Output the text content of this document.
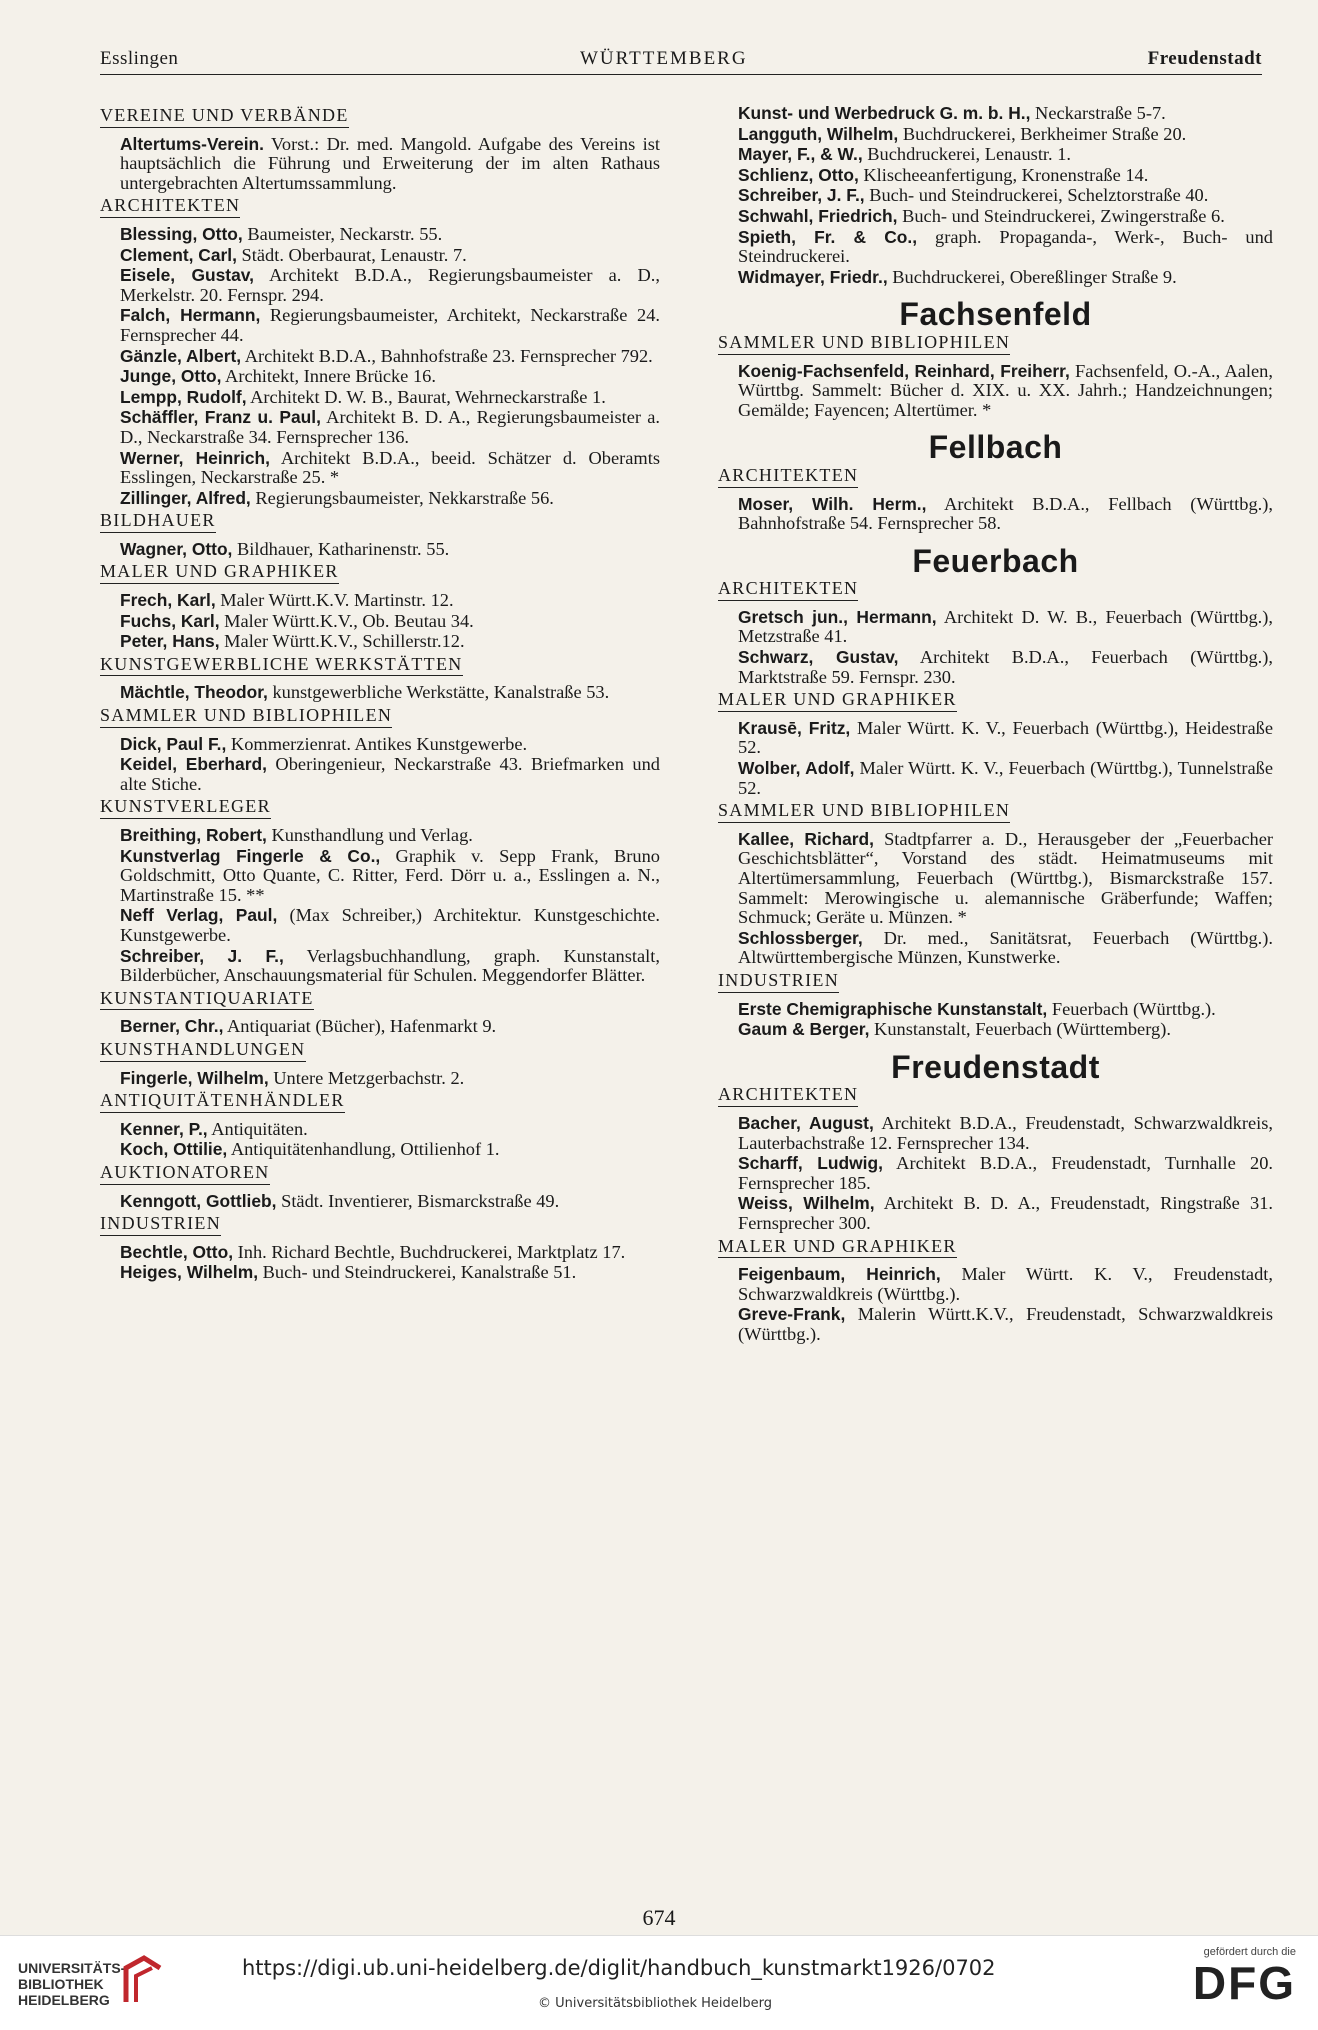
Esslingen	WÜRTTEMBERG	Freudenstadt
VEREINE UND VERBÄNDE
Altertums-Verein. Vorst.: Dr. med. Mangold. Aufgabe des Vereins ist hauptsächlich die Führung und Erweiterung der im alten Rathaus untergebrachten Altertumssammlung.
ARCHITEKTEN
Blessing, Otto, Baumeister, Neckarstr. 55.
Clement, Carl, Städt. Oberbaurat, Lenaustr. 7.
Eisele, Gustav, Architekt B.D.A., Regierungsbaumeister a. D., Merkelstr. 20. Fernspr. 294.
Falch, Hermann, Regierungsbaumeister, Architekt, Neckarstraße 24. Fernsprecher 44.
Gänzle, Albert, Architekt B.D.A., Bahnhofstraße 23. Fernsprecher 792.
Junge, Otto, Architekt, Innere Brücke 16.
Lempp, Rudolf, Architekt D. W. B., Baurat, Wehrneckarstraße 1.
Schäffler, Franz u. Paul, Architekt B. D. A., Regierungsbaumeister a. D., Neckarstraße 34. Fernsprecher 136.
Werner, Heinrich, Architekt B.D.A., beeid. Schätzer d. Oberamts Esslingen, Neckarstraße 25. *
Zillinger, Alfred, Regierungsbaumeister, Nekkarstraße 56.
BILDHAUER
Wagner, Otto, Bildhauer, Katharinenstr. 55.
MALER UND GRAPHIKER
Frech, Karl, Maler Württ.K.V. Martinstr. 12.
Fuchs, Karl, Maler Württ.K.V., Ob. Beutau 34.
Peter, Hans, Maler Württ.K.V., Schillerstr.12.
KUNSTGEWERBLICHE WERKSTÄTTEN
Mächtle, Theodor, kunstgewerbliche Werkstätte, Kanalstraße 53.
SAMMLER UND BIBLIOPHILEN
Dick, Paul F., Kommerzienrat. Antikes Kunstgewerbe.
Keidel, Eberhard, Oberingenieur, Neckarstraße 43. Briefmarken und alte Stiche.
KUNSTVERLEGER
Breithing, Robert, Kunsthandlung und Verlag.
Kunstverlag Fingerle & Co., Graphik v. Sepp Frank, Bruno Goldschmitt, Otto Quante, C. Ritter, Ferd. Dörr u. a., Esslingen a. N., Martinstraße 15. **
Neff Verlag, Paul, (Max Schreiber,) Architektur. Kunstgeschichte. Kunstgewerbe.
Schreiber, J. F., Verlagsbuchhandlung, graph. Kunstanstalt, Bilderbücher, Anschauungsmaterial für Schulen. Meggendorfer Blätter.
KUNSTANTIQUARIATE
Berner, Chr., Antiquariat (Bücher), Hafenmarkt 9.
KUNSTHANDLUNGEN
Fingerle, Wilhelm, Untere Metzgerbachstr. 2.
ANTIQUITÄTENHÄNDLER
Kenner, P., Antiquitäten.
Koch, Ottilie, Antiquitätenhandlung, Ottilienhof 1.
AUKTIONATOREN
Kenngott, Gottlieb, Städt. Inventierer, Bismarckstraße 49.
INDUSTRIEN
Bechtle, Otto, Inh. Richard Bechtle, Buchdruckerei, Marktplatz 17.
Heiges, Wilhelm, Buch- und Steindruckerei, Kanalstraße 51.
Kunst- und Werbedruck G. m. b. H., Neckarstraße 5-7.
Langguth, Wilhelm, Buchdruckerei, Berkheimer Straße 20.
Mayer, F., & W., Buchdruckerei, Lenaustr. 1.
Schlienz, Otto, Klischeeanfertigung, Kronenstraße 14.
Schreiber, J. F., Buch- und Steindruckerei, Schelztorstraße 40.
Schwahl, Friedrich, Buch- und Steindruckerei, Zwingerstraße 6.
Spieth, Fr. & Co., graph. Propaganda-, Werk-, Buch- und Steindruckerei.
Widmayer, Friedr., Buchdruckerei, Obereßlinger Straße 9.
Fachsenfeld
SAMMLER UND BIBLIOPHILEN
Koenig-Fachsenfeld, Reinhard, Freiherr, Fachsenfeld, O.-A., Aalen, Württbg. Sammelt: Bücher d. XIX. u. XX. Jahrh.; Handzeichnungen; Gemälde; Fayencen; Altertümer. *
Fellbach
ARCHITEKTEN
Moser, Wilh. Herm., Architekt B.D.A., Fellbach (Württbg.), Bahnhofstraße 54. Fernsprecher 58.
Feuerbach
ARCHITEKTEN
Gretsch jun., Hermann, Architekt D. W. B., Feuerbach (Württbg.), Metzstraße 41.
Schwarz, Gustav, Architekt B.D.A., Feuerbach (Württbg.), Marktstraße 59. Fernspr. 230.
MALER UND GRAPHIKER
Krausē, Fritz, Maler Württ. K. V., Feuerbach (Württbg.), Heidestraße 52.
Wolber, Adolf, Maler Württ. K. V., Feuerbach (Württbg.), Tunnelstraße 52.
SAMMLER UND BIBLIOPHILEN
Kallee, Richard, Stadtpfarrer a. D., Herausgeber der „Feuerbacher Geschichtsblätter“, Vorstand des städt. Heimatmuseums mit Altertümersammlung, Feuerbach (Württbg.), Bismarckstraße 157. Sammelt: Merowingische u. alemannische Gräberfunde; Waffen; Schmuck; Geräte u. Münzen. *
Schlossberger, Dr. med., Sanitätsrat, Feuerbach (Württbg.). Altwürttembergische Münzen, Kunstwerke.
INDUSTRIEN
Erste Chemigraphische Kunstanstalt, Feuerbach (Württbg.).
Gaum & Berger, Kunstanstalt, Feuerbach (Württemberg).
Freudenstadt
ARCHITEKTEN
Bacher, August, Architekt B.D.A., Freudenstadt, Schwarzwaldkreis, Lauterbachstraße 12. Fernsprecher 134.
Scharff, Ludwig, Architekt B.D.A., Freudenstadt, Turnhalle 20. Fernsprecher 185.
Weiss, Wilhelm, Architekt B. D. A., Freudenstadt, Ringstraße 31. Fernsprecher 300.
MALER UND GRAPHIKER
Feigenbaum, Heinrich, Maler Württ. K. V., Freudenstadt, Schwarzwaldkreis (Württbg.).
Greve-Frank, Malerin Württ.K.V., Freudenstadt, Schwarzwaldkreis (Württbg.).
674
UNIVERSITÄTS-
BIBLIOTHEK
HEIDELBERG
https://digi.ub.uni-heidelberg.de/diglit/handbuch_kunstmarkt1926/0702
© Universitätsbibliothek Heidelberg
gefördert durch die
DFG
